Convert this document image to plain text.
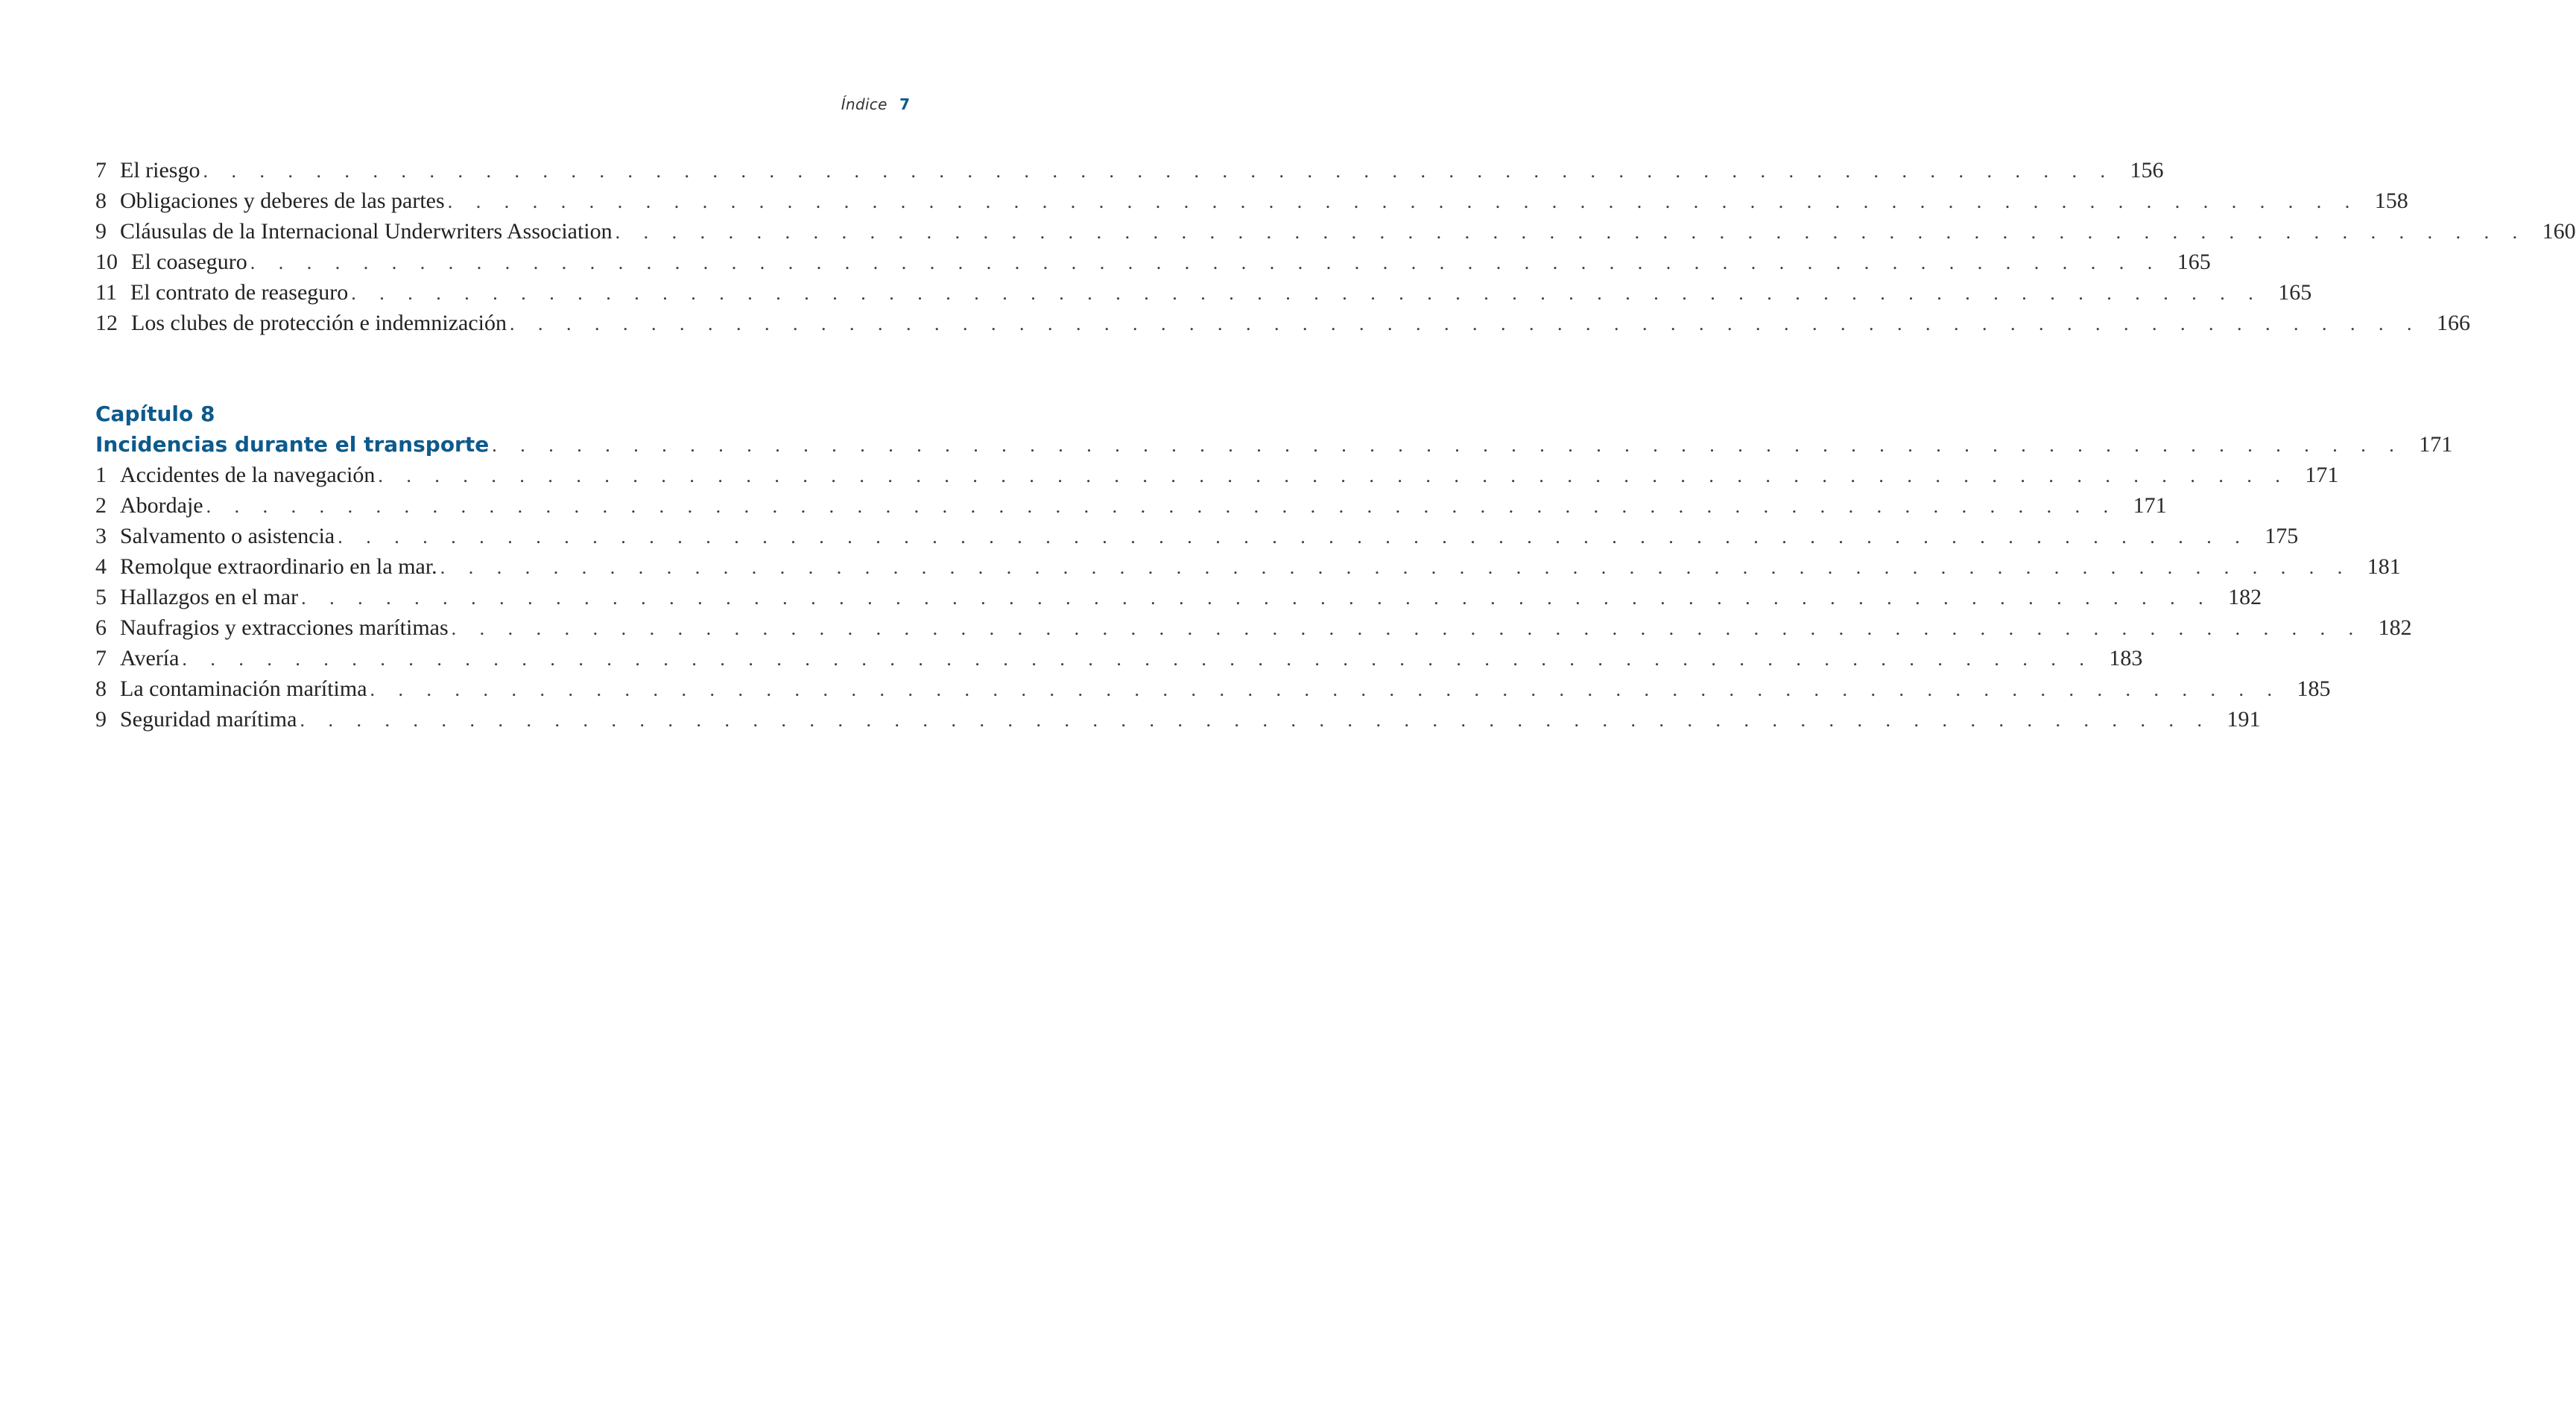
Índice 7
7 El riesgo . . . . . . . . . . . . . . . . . . . . . . . . . . . . . . . . . . . . . . . . . . . . . . . . . . . . . . . . . . . . . . . . . . . . 156
8 Obligaciones y deberes de las partes . . . . . . . . . . . . . . . . . . . . . . . . . . . . . . . . . . . . . . . . . . . . . . . . . . . . . . . . . . . . . . . . . . . . 158
9 Cláusulas de la Internacional Underwriters Association . . . . . . . . . . . . . . . . . . . . . . . . . . . . . . . . . . . . . . . . . . . . . . . . . . . . . . . . . . . . . . . . . . . . 160
10 El coaseguro . . . . . . . . . . . . . . . . . . . . . . . . . . . . . . . . . . . . . . . . . . . . . . . . . . . . . . . . . . . . . . . . . . . . 165
11 El contrato de reaseguro . . . . . . . . . . . . . . . . . . . . . . . . . . . . . . . . . . . . . . . . . . . . . . . . . . . . . . . . . . . . . . . . . . . . 165
12 Los clubes de protección e indemnización . . . . . . . . . . . . . . . . . . . . . . . . . . . . . . . . . . . . . . . . . . . . . . . . . . . . . . . . . . . . . . . . . . . . 166
Capítulo 8
Incidencias durante el transporte . . . . . . . . . . . . . . . . . . . . . . . . . . . . . . . . . . . . . . . . . . . . . . . . . . . . . . . . . . . . . . . . . . . . 171
1 Accidentes de la navegación . . . . . . . . . . . . . . . . . . . . . . . . . . . . . . . . . . . . . . . . . . . . . . . . . . . . . . . . . . . . . . . . . . . . 171
2 Abordaje . . . . . . . . . . . . . . . . . . . . . . . . . . . . . . . . . . . . . . . . . . . . . . . . . . . . . . . . . . . . . . . . . . . . 171
3 Salvamento o asistencia . . . . . . . . . . . . . . . . . . . . . . . . . . . . . . . . . . . . . . . . . . . . . . . . . . . . . . . . . . . . . . . . . . . . 175
4 Remolque extraordinario en la mar. . . . . . . . . . . . . . . . . . . . . . . . . . . . . . . . . . . . . . . . . . . . . . . . . . . . . . . . . . . . . . . . . . . . . 181
5 Hallazgos en el mar . . . . . . . . . . . . . . . . . . . . . . . . . . . . . . . . . . . . . . . . . . . . . . . . . . . . . . . . . . . . . . . . . . . . 182
6 Naufragios y extracciones marítimas . . . . . . . . . . . . . . . . . . . . . . . . . . . . . . . . . . . . . . . . . . . . . . . . . . . . . . . . . . . . . . . . . . . . 182
7 Avería . . . . . . . . . . . . . . . . . . . . . . . . . . . . . . . . . . . . . . . . . . . . . . . . . . . . . . . . . . . . . . . . . . . . 183
8 La contaminación marítima . . . . . . . . . . . . . . . . . . . . . . . . . . . . . . . . . . . . . . . . . . . . . . . . . . . . . . . . . . . . . . . . . . . . 185
9 Seguridad marítima . . . . . . . . . . . . . . . . . . . . . . . . . . . . . . . . . . . . . . . . . . . . . . . . . . . . . . . . . . . . . . . . . . . . 191
